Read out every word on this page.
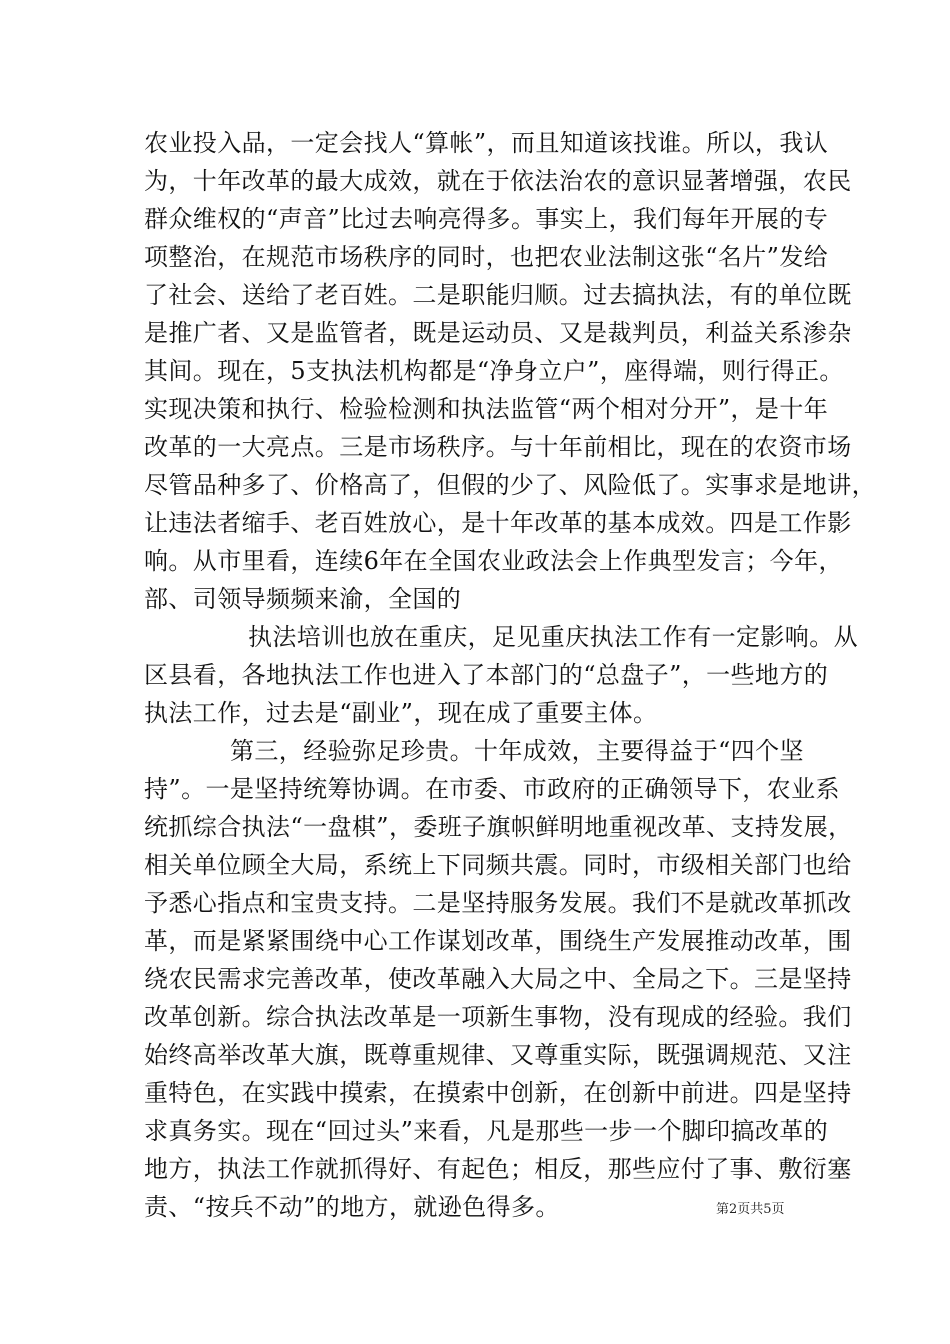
农业投入品，一定会找人“算帐”，而且知道该找谁。所以，我认
为，十年改革的最大成效，就在于依法治农的意识显著增强，农民
群众维权的“声音”比过去响亮得多。事实上，我们每年开展的专
项整治，在规范市场秩序的同时，也把农业法制这张“名片”发给
了社会、送给了老百姓。二是职能归顺。过去搞执法，有的单位既
是推广者、又是监管者，既是运动员、又是裁判员，利益关系渗杂
其间。现在，5支执法机构都是“净身立户”，座得端，则行得正。
实现决策和执行、检验检测和执法监管“两个相对分开”，是十年
改革的一大亮点。三是市场秩序。与十年前相比，现在的农资市场
尽管品种多了、价格高了，但假的少了、风险低了。实事求是地讲，
让违法者缩手、老百姓放心，是十年改革的基本成效。四是工作影
响。从市里看，连续6年在全国农业政法会上作典型发言；今年，
部、司领导频频来渝，全国的
执法培训也放在重庆，足见重庆执法工作有一定影响。从
区县看，各地执法工作也进入了本部门的“总盘子”，一些地方的
执法工作，过去是“副业”，现在成了重要主体。
第三，经验弥足珍贵。十年成效，主要得益于“四个坚
持”。一是坚持统筹协调。在市委、市政府的正确领导下，农业系
统抓综合执法“一盘棋”，委班子旗帜鲜明地重视改革、支持发展，
相关单位顾全大局，系统上下同频共震。同时，市级相关部门也给
予悉心指点和宝贵支持。二是坚持服务发展。我们不是就改革抓改
革，而是紧紧围绕中心工作谋划改革，围绕生产发展推动改革，围
绕农民需求完善改革，使改革融入大局之中、全局之下。三是坚持
改革创新。综合执法改革是一项新生事物，没有现成的经验。我们
始终高举改革大旗，既尊重规律、又尊重实际，既强调规范、又注
重特色，在实践中摸索，在摸索中创新，在创新中前进。四是坚持
求真务实。现在“回过头”来看，凡是那些一步一个脚印搞改革的
地方，执法工作就抓得好、有起色；相反，那些应付了事、敷衍塞
责、“按兵不动”的地方，就逊色得多。	第2页共5页
